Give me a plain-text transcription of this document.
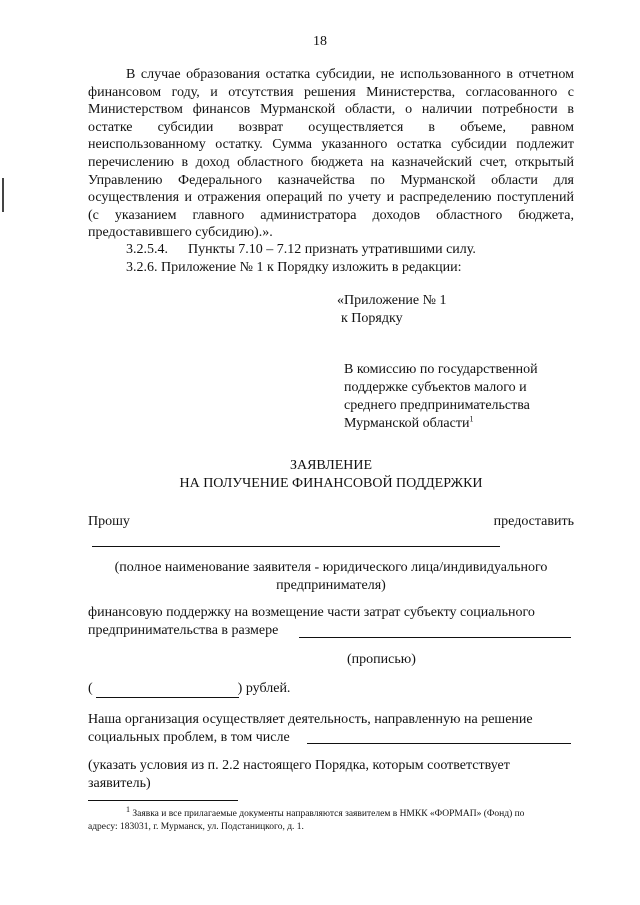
18
В случае образования остатка субсидии, не использованного в отчетном
финансовом году, и отсутствия решения Министерства, согласованного с
Министерством финансов Мурманской области, о наличии потребности в
остатке субсидии возврат осуществляется в объеме, равном
неиспользованному остатку. Сумма указанного остатка субсидии подлежит
перечислению в доход областного бюджета на казначейский счет, открытый
Управлению Федерального казначейства по Мурманской области для
осуществления и отражения операций по учету и распределению поступлений
(с указанием главного администратора доходов областного бюджета,
предоставившего субсидию).».
3.2.5.4. Пункты 7.10 – 7.12 признать утратившими силу.
3.2.6. Приложение № 1 к Порядку изложить в редакции:
«Приложение № 1
к Порядку
В комиссию по государственной
поддержке субъектов малого и
среднего предпринимательства
Мурманской области$^1$
ЗАЯВЛЕНИЕ
НА ПОЛУЧЕНИЕ ФИНАНСОВОЙ ПОДДЕРЖКИ
Прошу	предоставить
(полное наименование заявителя - юридического лица/индивидуального
предпринимателя)
финансовую поддержку на возмещение части затрат субъекту социального
предпринимательства в размере
(прописью)
(	) рублей.
Наша организация осуществляет деятельность, направленную на решение
социальных проблем, в том числе
(указать условия из п. 2.2 настоящего Порядка, которым соответствует
заявитель)
$^1$ Заявка и все прилагаемые документы направляются заявителем в НМКК «ФОРМАП» (Фонд) по
адресу: 183031, г. Мурманск, ул. Подстаницкого, д. 1.
